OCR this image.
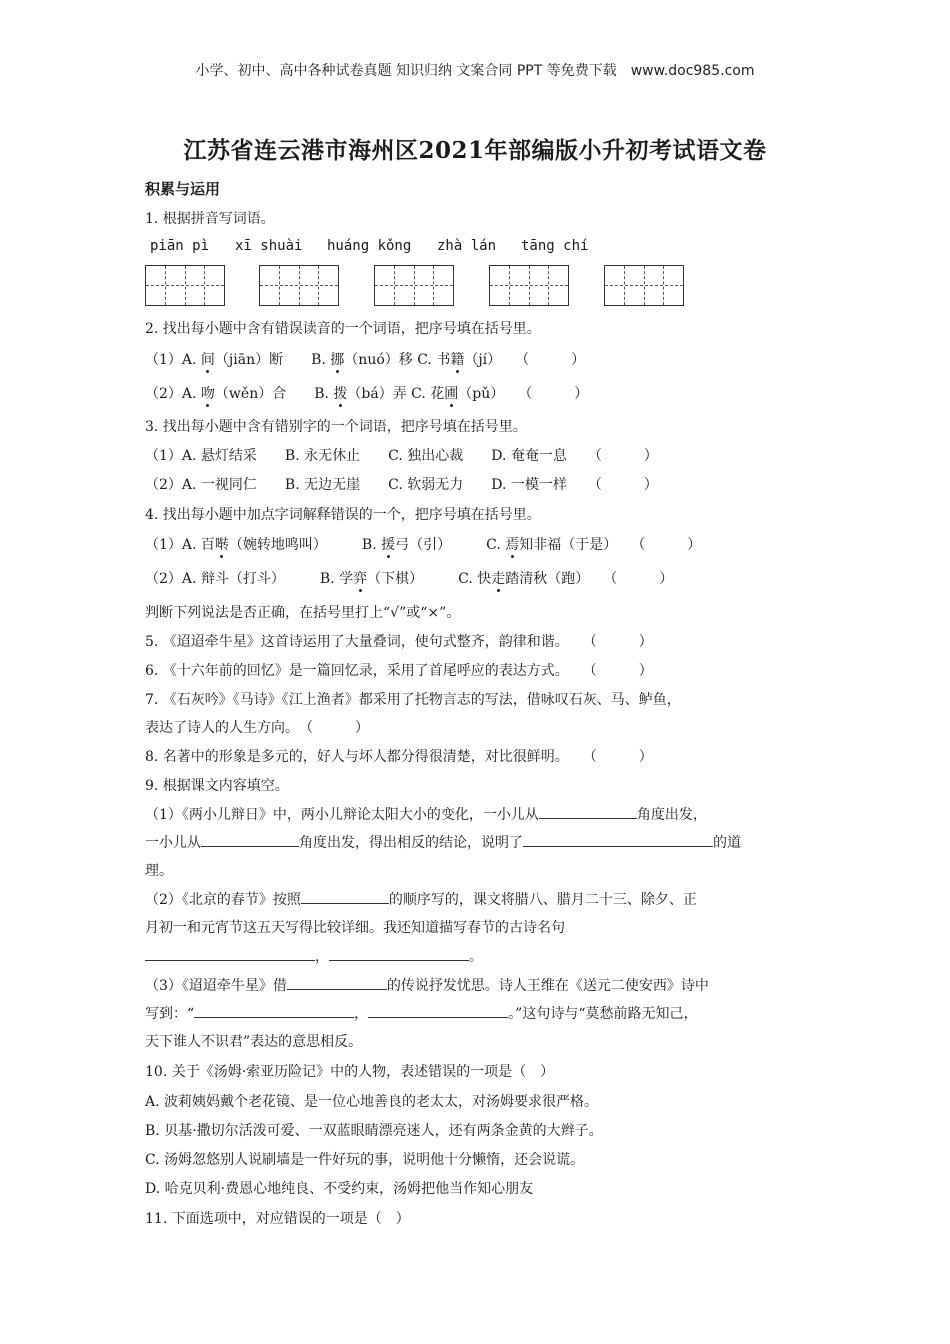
小学、初中、高中各种试卷真题 知识归纳 文案合同 PPT 等免费下载　www.doc985.com
江苏省连云港市海州区2021年部编版小升初考试语文卷
积累与运用
1. 根据拼音写词语。
piān pì xī shuài huáng kǒng zhà lán tāng chí
2. 找出每小题中含有错误读音的一个词语，把序号填在括号里。
（1）A. 间（jiān）断　　B. 挪（nuó）移 C. 书籍（jí）　　（　　　）
（2）A. 吻（wěn）合　　B. 拨（bá）弄 C. 花圃（pǔ）　　（　　　）
3. 找出每小题中含有错别字的一个词语，把序号填在括号里。
（1）A. 悬灯结采　　B. 永无休止　　C. 独出心裁　　D. 奄奄一息　　（　　　）
（2）A. 一视同仁　　B. 无边无崖　　C. 软弱无力　　D. 一模一样　　（　　　）
4. 找出每小题中加点字词解释错误的一个，把序号填在括号里。
（1）A. 百啭（婉转地鸣叫）　　　B. 援弓（引）　　　C. 焉知非福（于是）　　（　　　）
（2）A. 辩斗（打斗）　　　B. 学弈（下棋）　　　C. 快走踏清秋（跑）　　（　　　）
判断下列说法是否正确，在括号里打上“√”或“×”。
5. 《迢迢牵牛星》这首诗运用了大量叠词，使句式整齐，韵律和谐。　　（　　　）
6. 《十六年前的回忆》是一篇回忆录，采用了首尾呼应的表达方式。　　（　　　）
7. 《石灰吟》《马诗》《江上渔者》都采用了托物言志的写法，借咏叹石灰、马、鲈鱼，
表达了诗人的人生方向。　（　　　）
8. 名著中的形象是多元的，好人与坏人都分得很清楚，对比很鲜明。　　（　　　）
9. 根据课文内容填空。
（1）《两小儿辩日》中，两小儿辩论太阳大小的变化，一小儿从	角度出发，
一小儿从	角度出发，得出相反的结论，说明了	的道
理。
（2）《北京的春节》按照	的顺序写的，课文将腊八、腊月二十三、除夕、正
月初一和元宵节这五天写得比较详细。我还知道描写春节的古诗名句
，	。
（3）《迢迢牵牛星》借	的传说抒发忧思。诗人王维在《送元二使安西》诗中
写到：“	，	。”这句诗与“莫愁前路无知己，
天下谁人不识君”表达的意思相反。
10. 关于《汤姆·索亚历险记》中的人物，表述错误的一项是（　）
A. 波莉姨妈戴个老花镜、是一位心地善良的老太太，对汤姆要求很严格。
B. 贝基·撒切尔活泼可爱、一双蓝眼睛漂亮迷人，还有两条金黄的大辫子。
C. 汤姆忽悠别人说刷墙是一件好玩的事，说明他十分懒惰，还会说谎。
D. 哈克贝利·费恩心地纯良、不受约束，汤姆把他当作知心朋友
11. 下面选项中，对应错误的一项是（　）
